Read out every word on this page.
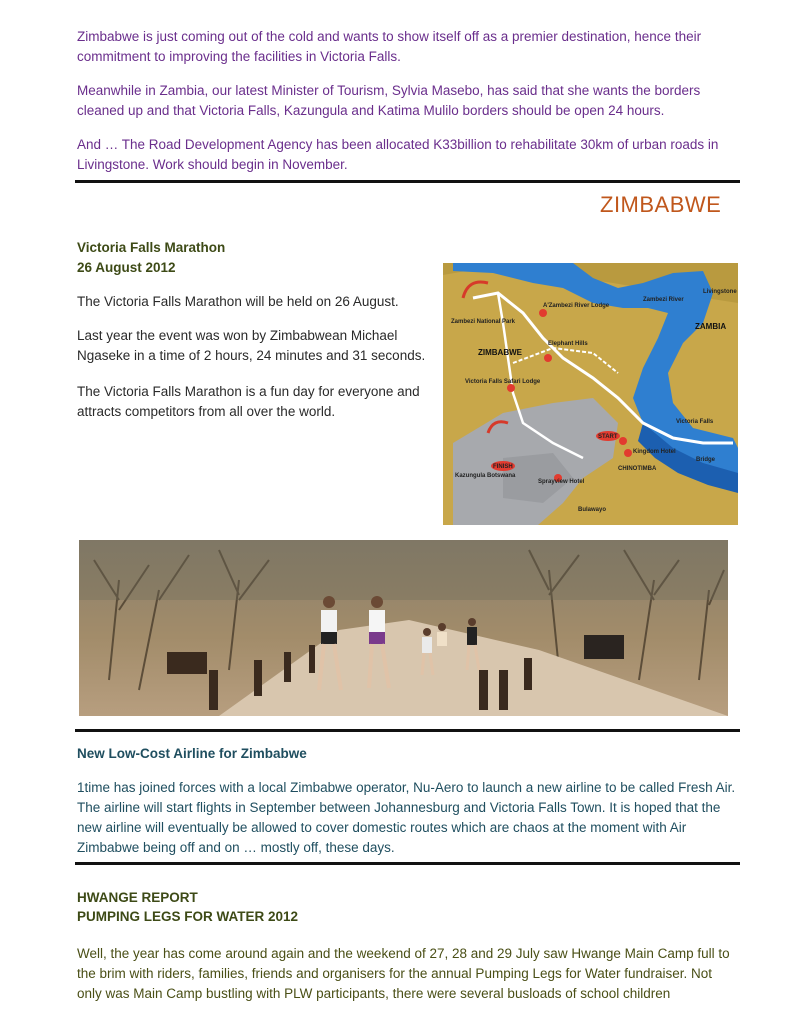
Zimbabwe is just coming out of the cold and wants to show itself off as a premier destination, hence their commitment to improving the facilities in Victoria Falls.

Meanwhile in Zambia, our latest Minister of Tourism, Sylvia Masebo, has said that she wants the borders cleaned up and that Victoria Falls, Kazungula and Katima Mulilo borders should be open 24 hours.

And … The Road Development Agency has been allocated K33billion to rehabilitate 30km of urban roads in Livingstone. Work should begin in November.

ZIMBABWE
Victoria Falls Marathon
26 August 2012

The Victoria Falls Marathon will be held on 26 August.

Last year the event was won by Zimbabwean Michael Ngaseke in a time of 2 hours, 24 minutes and 31 seconds.

The Victoria Falls Marathon is a fun day for everyone and attracts competitors from all over the world.

A'Zambezi River Lodge
Zambezi National Park
ZIMBABWE
ZAMBIA
Livingstone
Elephant Hills
Victoria Falls Safari Lodge
START
FINISH
Kingdom Hotel
Victoria Falls
Bridge
CHINOTIMBA
Kazungula Botswana
Sprayview Hotel
Bulawayo
Zambezi River
New Low-Cost Airline for Zimbabwe

1time has joined forces with a local Zimbabwe operator, Nu-Aero to launch a new airline to be called Fresh Air. The airline will start flights in September between Johannesburg and Victoria Falls Town. It is hoped that the new airline will eventually be allowed to cover domestic routes which are chaos at the moment with Air Zimbabwe being off and on … mostly off, these days.

HWANGE REPORT
PUMPING LEGS FOR WATER 2012

Well, the year has come around again and the weekend of 27, 28 and 29 July saw Hwange Main Camp full to the brim with riders, families, friends and organisers for the annual Pumping Legs for Water fundraiser. Not only was Main Camp bustling with PLW participants, there were several busloads of school children
